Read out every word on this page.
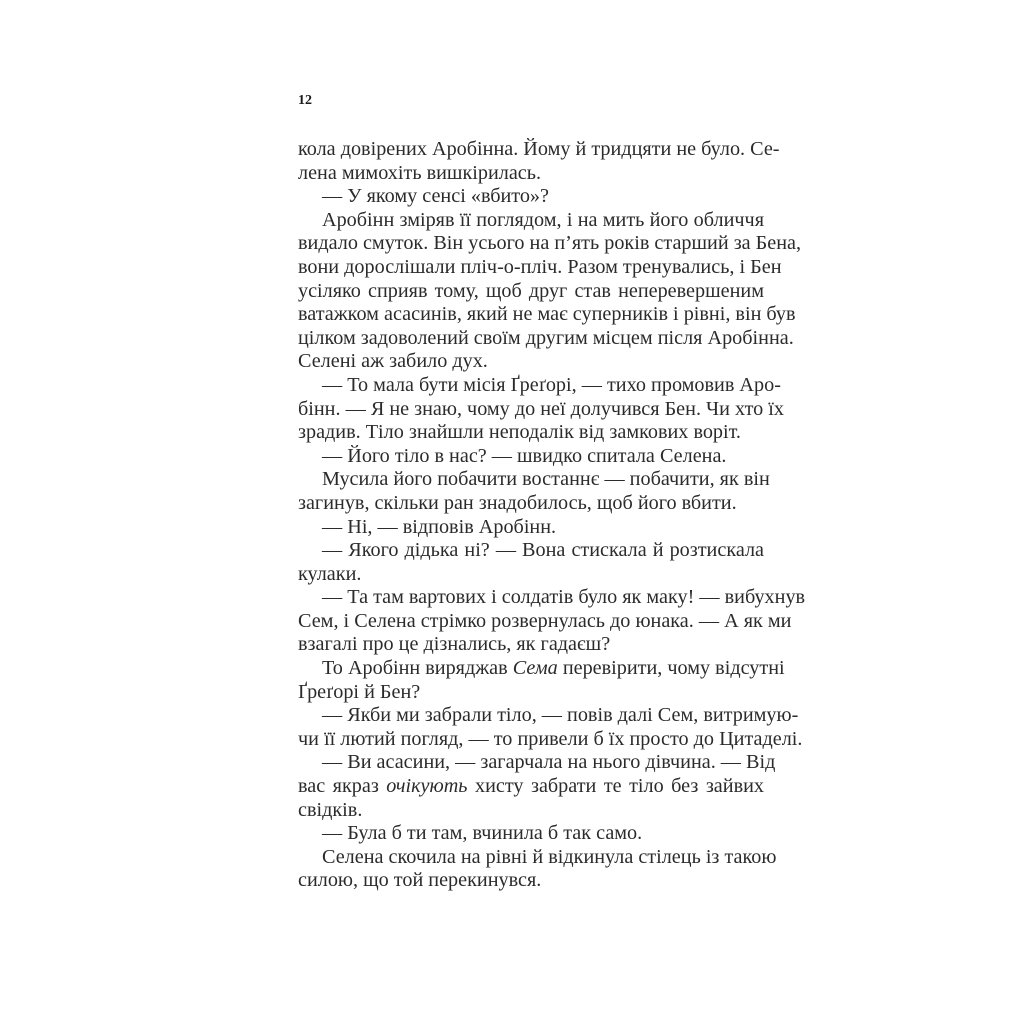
12
кола довірених Аробінна. Йому й тридцяти не було. Се-
лена мимохіть вишкірилась.
— У якому сенсі «вбито»?
Аробінн зміряв її поглядом, і на мить його обличчя
видало смуток. Він усього на п’ять років старший за Бена,
вони дорослішали пліч-о-пліч. Разом тренувались, і Бен
усіляко сприяв тому, щоб друг став неперевершеним
ватажком асасинів, який не має суперників і рівні, він був
цілком задоволений своїм другим місцем після Аробінна.
Селені аж забило дух.
— То мала бути місія Ґреґорі, — тихо промовив Аро-
бінн. — Я не знаю, чому до неї долучився Бен. Чи хто їх
зрадив. Тіло знайшли неподалік від замкових воріт.
— Його тіло в нас? — швидко спитала Селена.
Мусила його побачити востаннє — побачити, як він
загинув, скільки ран знадобилось, щоб його вбити.
— Ні, — відповів Аробінн.
— Якого дідька ні? — Вона стискала й розтискала
кулаки.
— Та там вартових і солдатів було як маку! — вибухнув
Сем, і Селена стрімко розвернулась до юнака. — А як ми
взагалі про це дізнались, як гадаєш?
То Аробінн виряджав Сема перевірити, чому відсутні
Ґреґорі й Бен?
— Якби ми забрали тіло, — повів далі Сем, витримую-
чи її лютий погляд, — то привели б їх просто до Цитаделі.
— Ви асасини, — загарчала на нього дівчина. — Від
вас якраз очікують хисту забрати те тіло без зайвих
свідків.
— Була б ти там, вчинила б так само.
Селена скочила на рівні й відкинула стілець із такою
силою, що той перекинувся.
